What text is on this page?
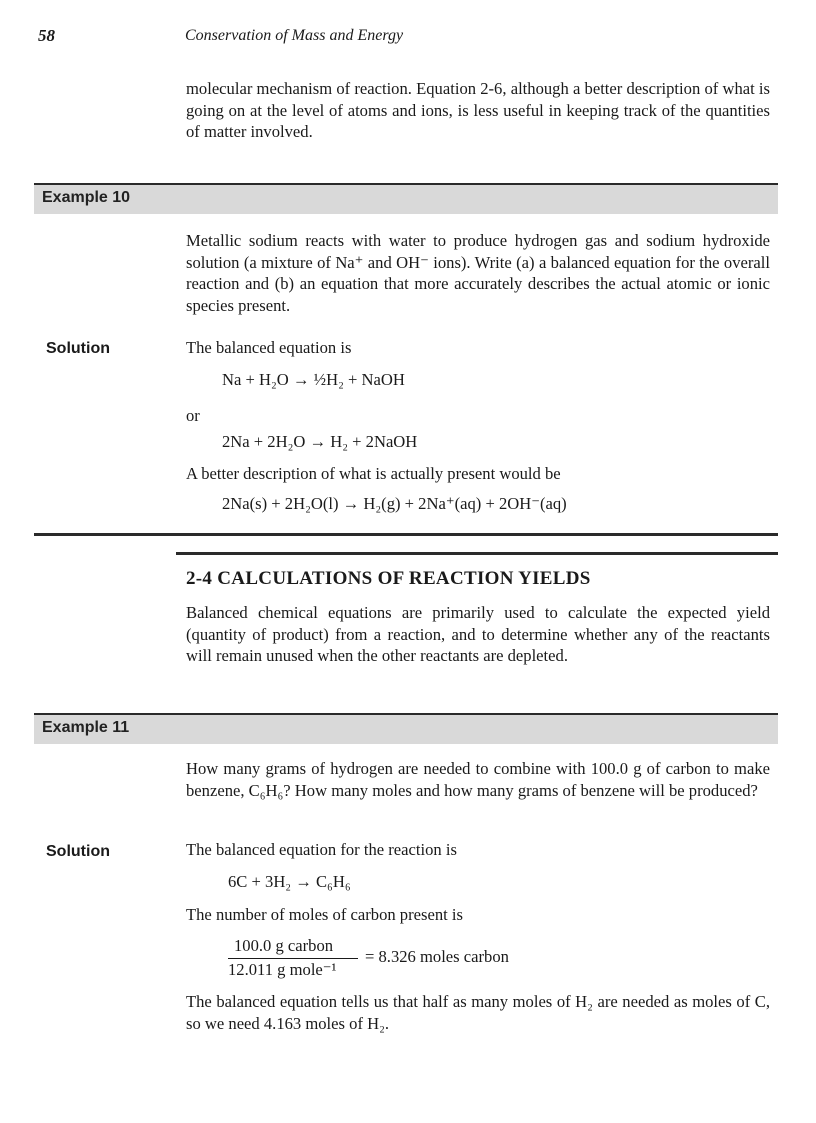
58	Conservation of Mass and Energy

molecular mechanism of reaction. Equation 2-6, although a better description of what is going on at the level of atoms and ions, is less useful in keeping track of the quantities of matter involved.

Example 10

Metallic sodium reacts with water to produce hydrogen gas and sodium hydroxide solution (a mixture of Na⁺ and OH⁻ ions). Write (a) a balanced equation for the overall reaction and (b) an equation that more accurately describes the actual atomic or ionic species present.

Solution	The balanced equation is
Na + H₂O → ½H₂ + NaOH
or
2Na + 2H₂O → H₂ + 2NaOH
A better description of what is actually present would be
2Na(s) + 2H₂O(l) → H₂(g) + 2Na⁺(aq) + 2OH⁻(aq)
2-4 CALCULATIONS OF REACTION YIELDS

Balanced chemical equations are primarily used to calculate the expected yield (quantity of product) from a reaction, and to determine whether any of the reactants will remain unused when the other reactants are depleted.

Example 11

How many grams of hydrogen are needed to combine with 100.0 g of carbon to make benzene, C₆H₆? How many moles and how many grams of benzene will be produced?

Solution	The balanced equation for the reaction is
6C + 3H₂ → C₆H₆
The number of moles of carbon present is
100.0 g carbon
12.011 g mole⁻¹
= 8.326 moles carbon

The balanced equation tells us that half as many moles of H₂ are needed as moles of C, so we need 4.163 moles of H₂.
